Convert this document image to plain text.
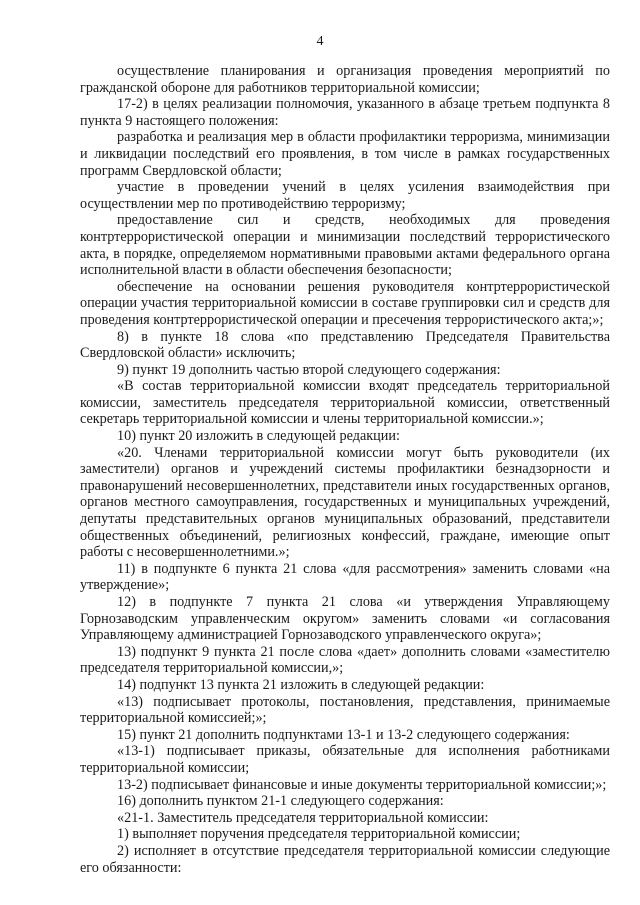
4

осуществление планирования и организация проведения мероприятий по гражданской обороне для работников территориальной комиссии;

17-2) в целях реализации полномочия, указанного в абзаце третьем подпункта 8 пункта 9 настоящего положения:

разработка и реализация мер в области профилактики терроризма, минимизации и ликвидации последствий его проявления, в том числе в рамках государственных программ Свердловской области;

участие в проведении учений в целях усиления взаимодействия при осуществлении мер по противодействию терроризму;

предоставление сил и средств, необходимых для проведения контртеррористической операции и минимизации последствий террористического акта, в порядке, определяемом нормативными правовыми актами федерального органа исполнительной власти в области обеспечения безопасности;

обеспечение на основании решения руководителя контртеррористической операции участия территориальной комиссии в составе группировки сил и средств для проведения контртеррористической операции и пресечения террористического акта;»;

8) в пункте 18 слова «по представлению Председателя Правительства Свердловской области» исключить;

9) пункт 19 дополнить частью второй следующего содержания:

«В состав территориальной комиссии входят председатель территориальной комиссии, заместитель председателя территориальной комиссии, ответственный секретарь территориальной комиссии и члены территориальной комиссии.»;

10) пункт 20 изложить в следующей редакции:

«20. Членами территориальной комиссии могут быть руководители (их заместители) органов и учреждений системы профилактики безнадзорности и правонарушений несовершеннолетних, представители иных государственных органов, органов местного самоуправления, государственных и муниципальных учреждений, депутаты представительных органов муниципальных образований, представители общественных объединений, религиозных конфессий, граждане, имеющие опыт работы с несовершеннолетними.»;

11) в подпункте 6 пункта 21 слова «для рассмотрения» заменить словами «на утверждение»;

12) в подпункте 7 пункта 21 слова «и утверждения Управляющему Горнозаводским управленческим округом» заменить словами «и согласования Управляющему администрацией Горнозаводского управленческого округа»;

13) подпункт 9 пункта 21 после слова «дает» дополнить словами «заместителю председателя территориальной комиссии,»;

14) подпункт 13 пункта 21 изложить в следующей редакции:

«13) подписывает протоколы, постановления, представления, принимаемые территориальной комиссией;»;

15) пункт 21 дополнить подпунктами 13-1 и 13-2 следующего содержания:

«13-1) подписывает приказы, обязательные для исполнения работниками территориальной комиссии;

13-2) подписывает финансовые и иные документы территориальной комиссии;»;

16) дополнить пунктом 21-1 следующего содержания:

«21-1. Заместитель председателя территориальной комиссии:

1) выполняет поручения председателя территориальной комиссии;

2) исполняет в отсутствие председателя территориальной комиссии следующие его обязанности:
